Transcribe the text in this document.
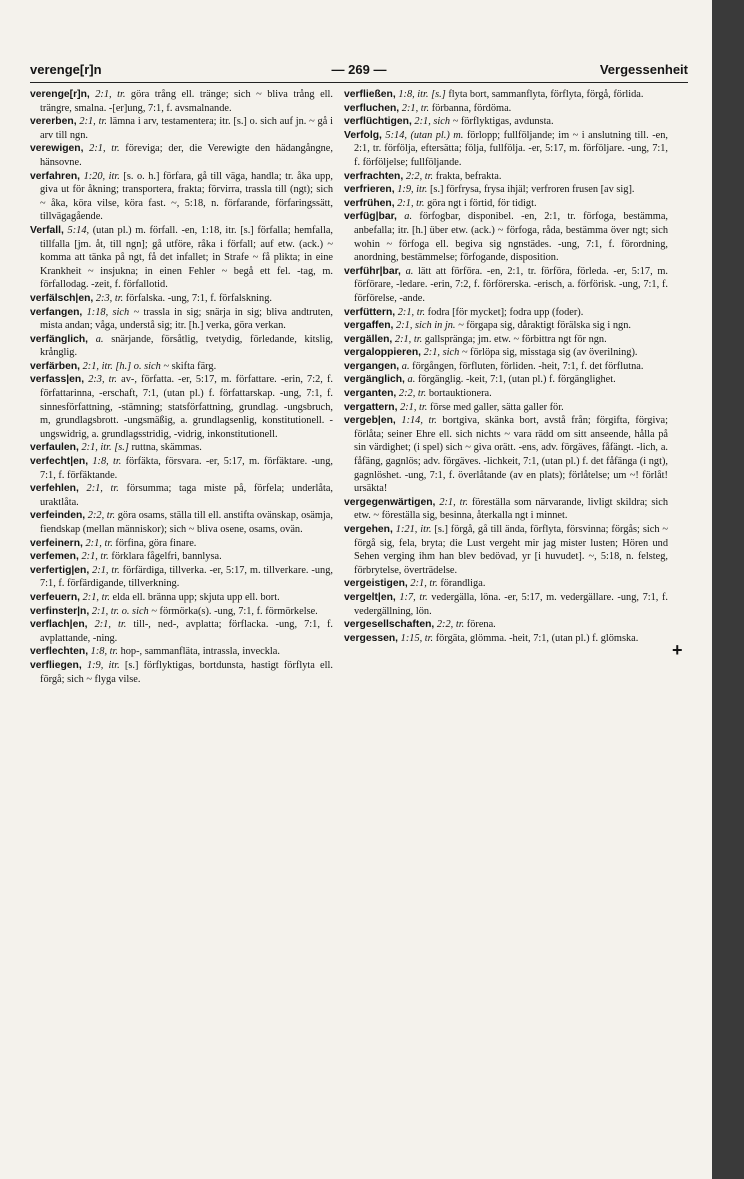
verenge[r]n	— 269 —	Vergessenheit

verenge[r]n, 2:1, tr. göra trång ell. tränge; sich ~ bliva trång ell. trängre, smalna. -[er]ung, 7:1, f. avsmalnande.

vererben, 2:1, tr. lämna i arv, testamentera; itr. [s.] o. sich auf jn. ~ gå i arv till ngn.

verewigen, 2:1, tr. föreviga; der, die Verewigte den hädangångne, hänsovne.

verfahren, 1:20, itr. [s. o. h.] förfara, gå till väga, handla; tr. åka upp, giva ut för åkning; transportera, frakta; förvirra, trassla till (ngt); sich ~ åka, köra vilse, köra fast. ~, 5:18, n. förfarande, förfaringssätt, tillvägagående.

Verfall, 5:14, (utan pl.) m. förfall. -en, 1:18, itr. [s.] förfalla; hemfalla, tillfalla [jm. åt, till ngn]; gå utföre, råka i förfall; auf etw. (ack.) ~ komma att tänka på ngt, få det infallet; in Strafe ~ få plikta; in eine Krankheit ~ insjukna; in einen Fehler ~ begå ett fel. -tag, m. förfallodag. -zeit, f. förfallotid.

verfälsch|en, 2:3, tr. förfalska. -ung, 7:1, f. förfalskning.

verfangen, 1:18, sich ~ trassla in sig; snärja in sig; bliva andtruten, mista andan; våga, understå sig; itr. [h.] verka, göra verkan.

verfänglich, a. snärjande, försåtlig, tvetydig, förledande, kitslig, krånglig.

verfärben, 2:1, itr. [h.] o. sich ~ skifta färg.

verfass|en, 2:3, tr. av-, författa. -er, 5:17, m. författare. -erin, 7:2, f. författarinna, -erschaft, 7:1, (utan pl.) f. författarskap. -ung, 7:1, f. sinnesförfattning, -stämning; statsförfattning, grundlag. -ungsbruch, m, grundlagsbrott. -ungsmäßig, a. grundlagsenlig, konstitutionell. -ungswidrig, a. grundlagsstridig, -vidrig, inkonstitutionell.

verfaulen, 2:1, itr. [s.] ruttna, skämmas.

verfecht|en, 1:8, tr. förfäkta, försvara. -er, 5:17, m. förfäktare. -ung, 7:1, f. förfäktande.

verfehlen, 2:1, tr. försumma; taga miste på, förfela; underlåta, uraktlåta.

verfeinden, 2:2, tr. göra osams, ställa till ell. anstifta ovänskap, osämja, fiendskap (mellan människor); sich ~ bliva osene, osams, ovän.

verfeinern, 2:1, tr. förfina, göra finare.

verfemen, 2:1, tr. förklara fågelfri, bannlysa.

verfertig|en, 2:1, tr. förfärdiga, tillverka. -er, 5:17, m. tillverkare. -ung, 7:1, f. förfärdigande, tillverkning.

verfeuern, 2:1, tr. elda ell. bränna upp; skjuta upp ell. bort.

verfinster|n, 2:1, tr. o. sich ~ förmörka(s). -ung, 7:1, f. förmörkelse.

verflach|en, 2:1, tr. till-, ned-, avplatta; förflacka. -ung, 7:1, f. avplattande, -ning.

verflechten, 1:8, tr. hop-, sammanfläta, intrassla, inveckla.

verfliegen, 1:9, itr. [s.] förflyktigas, bortdunsta, hastigt förflyta ell. förgå; sich ~ flyga vilse.

verfließen, 1:8, itr. [s.] flyta bort, sammanflyta, förflyta, förgå, förlida.

verfluchen, 2:1, tr. förbanna, fördöma.

verflüchtigen, 2:1, sich ~ förflyktigas, avdunsta.

Verfolg, 5:14, (utan pl.) m. förlopp; fullföljande; im ~ i anslutning till. -en, 2:1, tr. förfölja, eftersätta; följa, fullfölja. -er, 5:17, m. förföljare. -ung, 7:1, f. förföljelse; fullföljande.

verfrachten, 2:2, tr. frakta, befrakta.

verfrieren, 1:9, itr. [s.] förfrysa, frysa ihjäl; verfroren frusen [av sig].

verfrühen, 2:1, tr. göra ngt i förtid, för tidigt.

verfüg|bar, a. förfogbar, disponibel. -en, 2:1, tr. förfoga, bestämma, anbefalla; itr. [h.] über etw. (ack.) ~ förfoga, råda, bestämma över ngt; sich wohin ~ förfoga ell. begiva sig ngnstädes. -ung, 7:1, f. förordning, anordning, bestämmelse; förfogande, disposition.

verführ|bar, a. lätt att förföra. -en, 2:1, tr. förföra, förleda. -er, 5:17, m. förförare, -ledare. -erin, 7:2, f. förförerska. -erisch, a. förförisk. -ung, 7:1, f. förförelse, -ande.

verfüttern, 2:1, tr. fodra [för mycket]; fodra upp (foder).

vergaffen, 2:1, sich in jn. ~ förgapa sig, dåraktigt förälska sig i ngn.

vergällen, 2:1, tr. gallspränga; jm. etw. ~ förbittra ngt för ngn.

vergaloppieren, 2:1, sich ~ förlöpa sig, misstaga sig (av överilning).

vergangen, a. förgången, förfluten, förliden. -heit, 7:1, f. det förflutna.

vergänglich, a. förgänglig. -keit, 7:1, (utan pl.) f. förgänglighet.

verganten, 2:2, tr. bortauktionera.

vergattern, 2:1, tr. förse med galler, sätta galler för.

vergeb|en, 1:14, tr. bortgiva, skänka bort, avstå från; förgifta, förgiva; förlåta; seiner Ehre ell. sich nichts ~ vara rädd om sitt anseende, hålla på sin värdighet; (i spel) sich ~ giva orätt. -ens, adv. förgäves, fåfängt. -lich, a. fåfäng, gagnlös; adv. förgäves. -lichkeit, 7:1, (utan pl.) f. det fåfänga (i ngt), gagnlöshet. -ung, 7:1, f. överlåtande (av en plats); förlåtelse; um ~! förlåt! ursäkta!

vergegenwärtigen, 2:1, tr. föreställa som närvarande, livligt skildra; sich etw. ~ föreställa sig, besinna, återkalla ngt i minnet.

vergehen, 1:21, itr. [s.] förgå, gå till ända, förflyta, försvinna; förgås; sich ~ förgå sig, fela, bryta; die Lust vergeht mir jag mister lusten; Hören und Sehen verging ihm han blev bedövad, yr [i huvudet]. ~, 5:18, n. felsteg, förbrytelse, överträdelse.

vergeistigen, 2:1, tr. förandliga.

vergelt|en, 1:7, tr. vedergälla, löna. -er, 5:17, m. vedergällare. -ung, 7:1, f. vedergällning, lön.

vergesellschaften, 2:2, tr. förena.

vergessen, 1:15, tr. förgäta, glömma. -heit, 7:1, (utan pl.) f. glömska.

+
